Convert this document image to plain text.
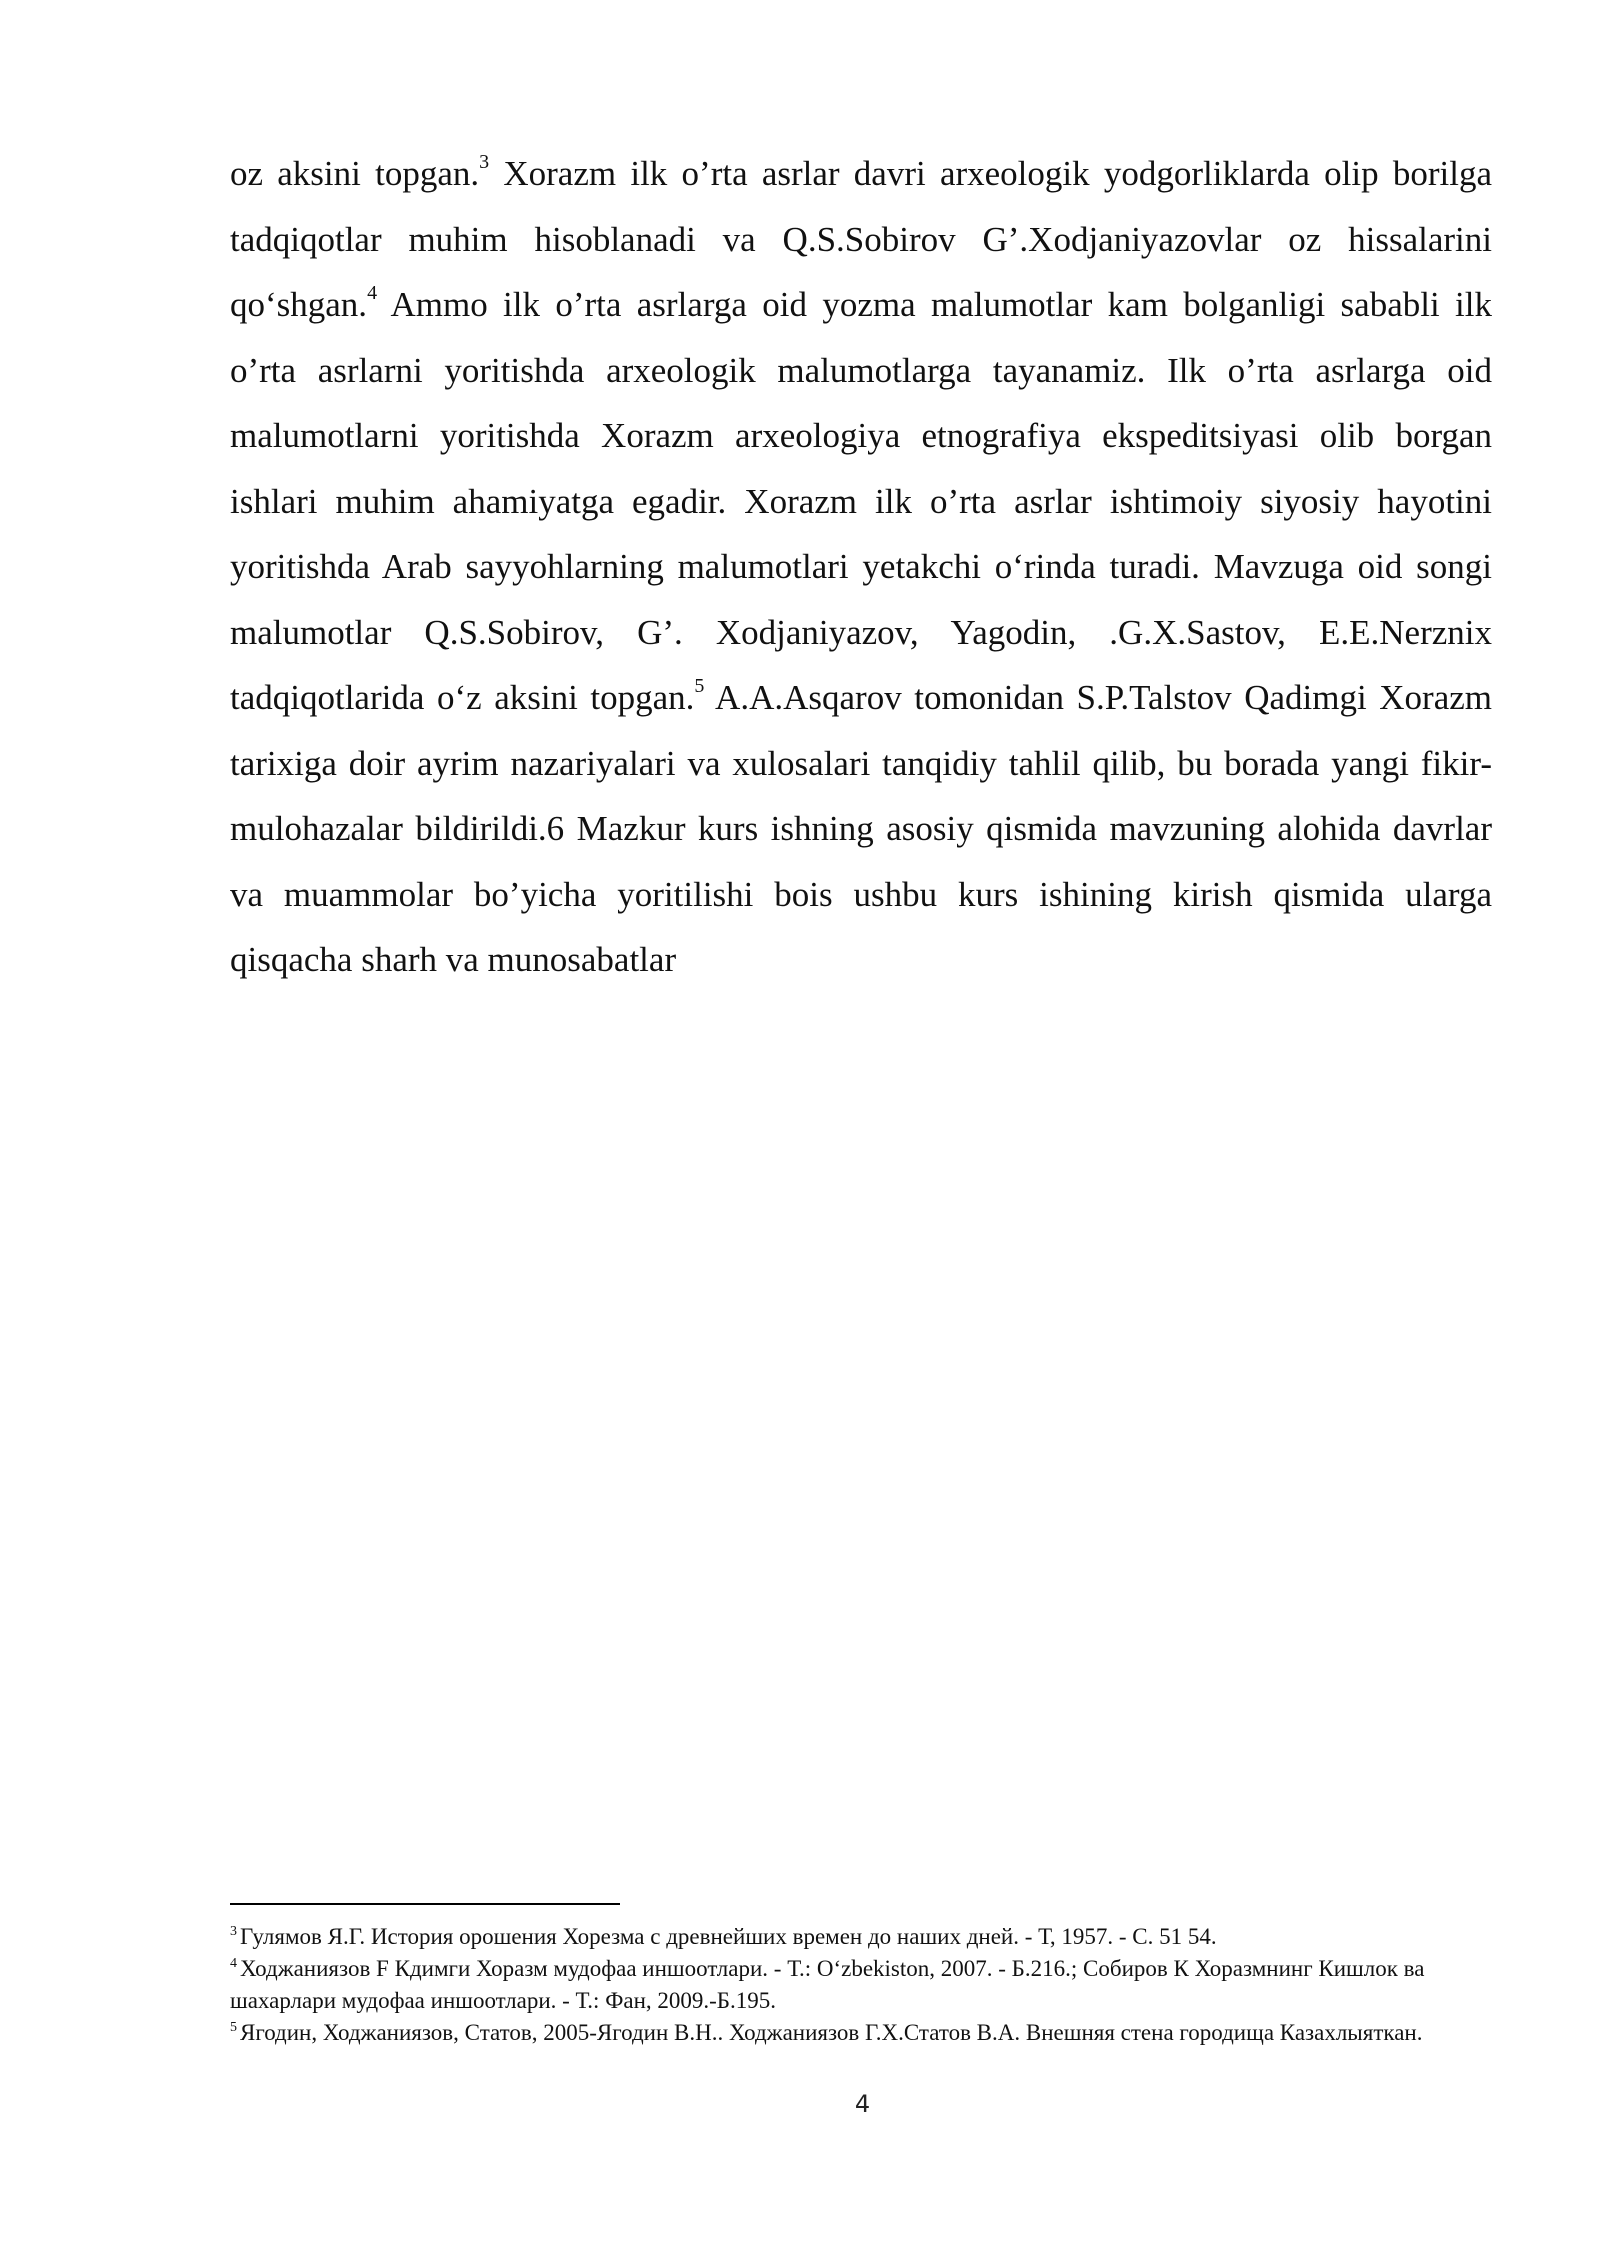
oz aksini topgan.$^3$ Xorazm ilk o’rta asrlar davri arxeologik yodgorliklarda olip borilga tadqiqotlar muhim hisoblanadi va Q.S.Sobirov G’.Xodjaniyazovlar oz hissalarini qo‘shgan.$^4$ Ammo ilk o’rta asrlarga oid yozma malumotlar kam bolganligi sababli ilk o’rta asrlarni yoritishda arxeologik malumotlarga tayanamiz. Ilk o’rta asrlarga oid malumotlarni yoritishda Xorazm arxeologiya etnografiya ekspeditsiyasi olib borgan ishlari muhim ahamiyatga egadir. Xorazm ilk o’rta asrlar ishtimoiy siyosiy hayotini yoritishda Arab sayyohlarning malumotlari yetakchi o‘rinda turadi. Mavzuga oid songi malumotlar Q.S.Sobirov, G’. Xodjaniyazov, Yagodin, .G.X.Sastov, E.E.Nerznix tadqiqotlarida o‘z aksini topgan.$^5$ A.A.Asqarov tomonidan S.P.Talstov Qadimgi Xorazm tarixiga doir ayrim nazariyalari va xulosalari tanqidiy tahlil qilib, bu borada yangi fikir-mulohazalar bildirildi.6 Mazkur kurs ishning asosiy qismida mavzuning alohida davrlar va muammolar bo’yicha yoritilishi bois ushbu kurs ishining kirish qismida ularga qisqacha sharh va munosabatlar

$^3$ Гулямов Я.Г. История орошения Хорезма с древнейших времен до наших дней. - Т, 1957. - С. 51 54.

$^4$ Ходжаниязов F Кдимги Хоразм мудофаа иншоотлари. - Т.: O‘zbekiston, 2007. - Б.216.; Собиров К Хоразмнинг Кишлок ва шахарлари мудофаа иншоотлари. - Т.: Фан, 2009.-Б.195.

$^5$ Ягодин, Ходжаниязов, Статов, 2005-Ягодин В.Н.. Ходжаниязов Г.Х.Статов В.А. Внешняя стена городища Казахлыяткан.

4
